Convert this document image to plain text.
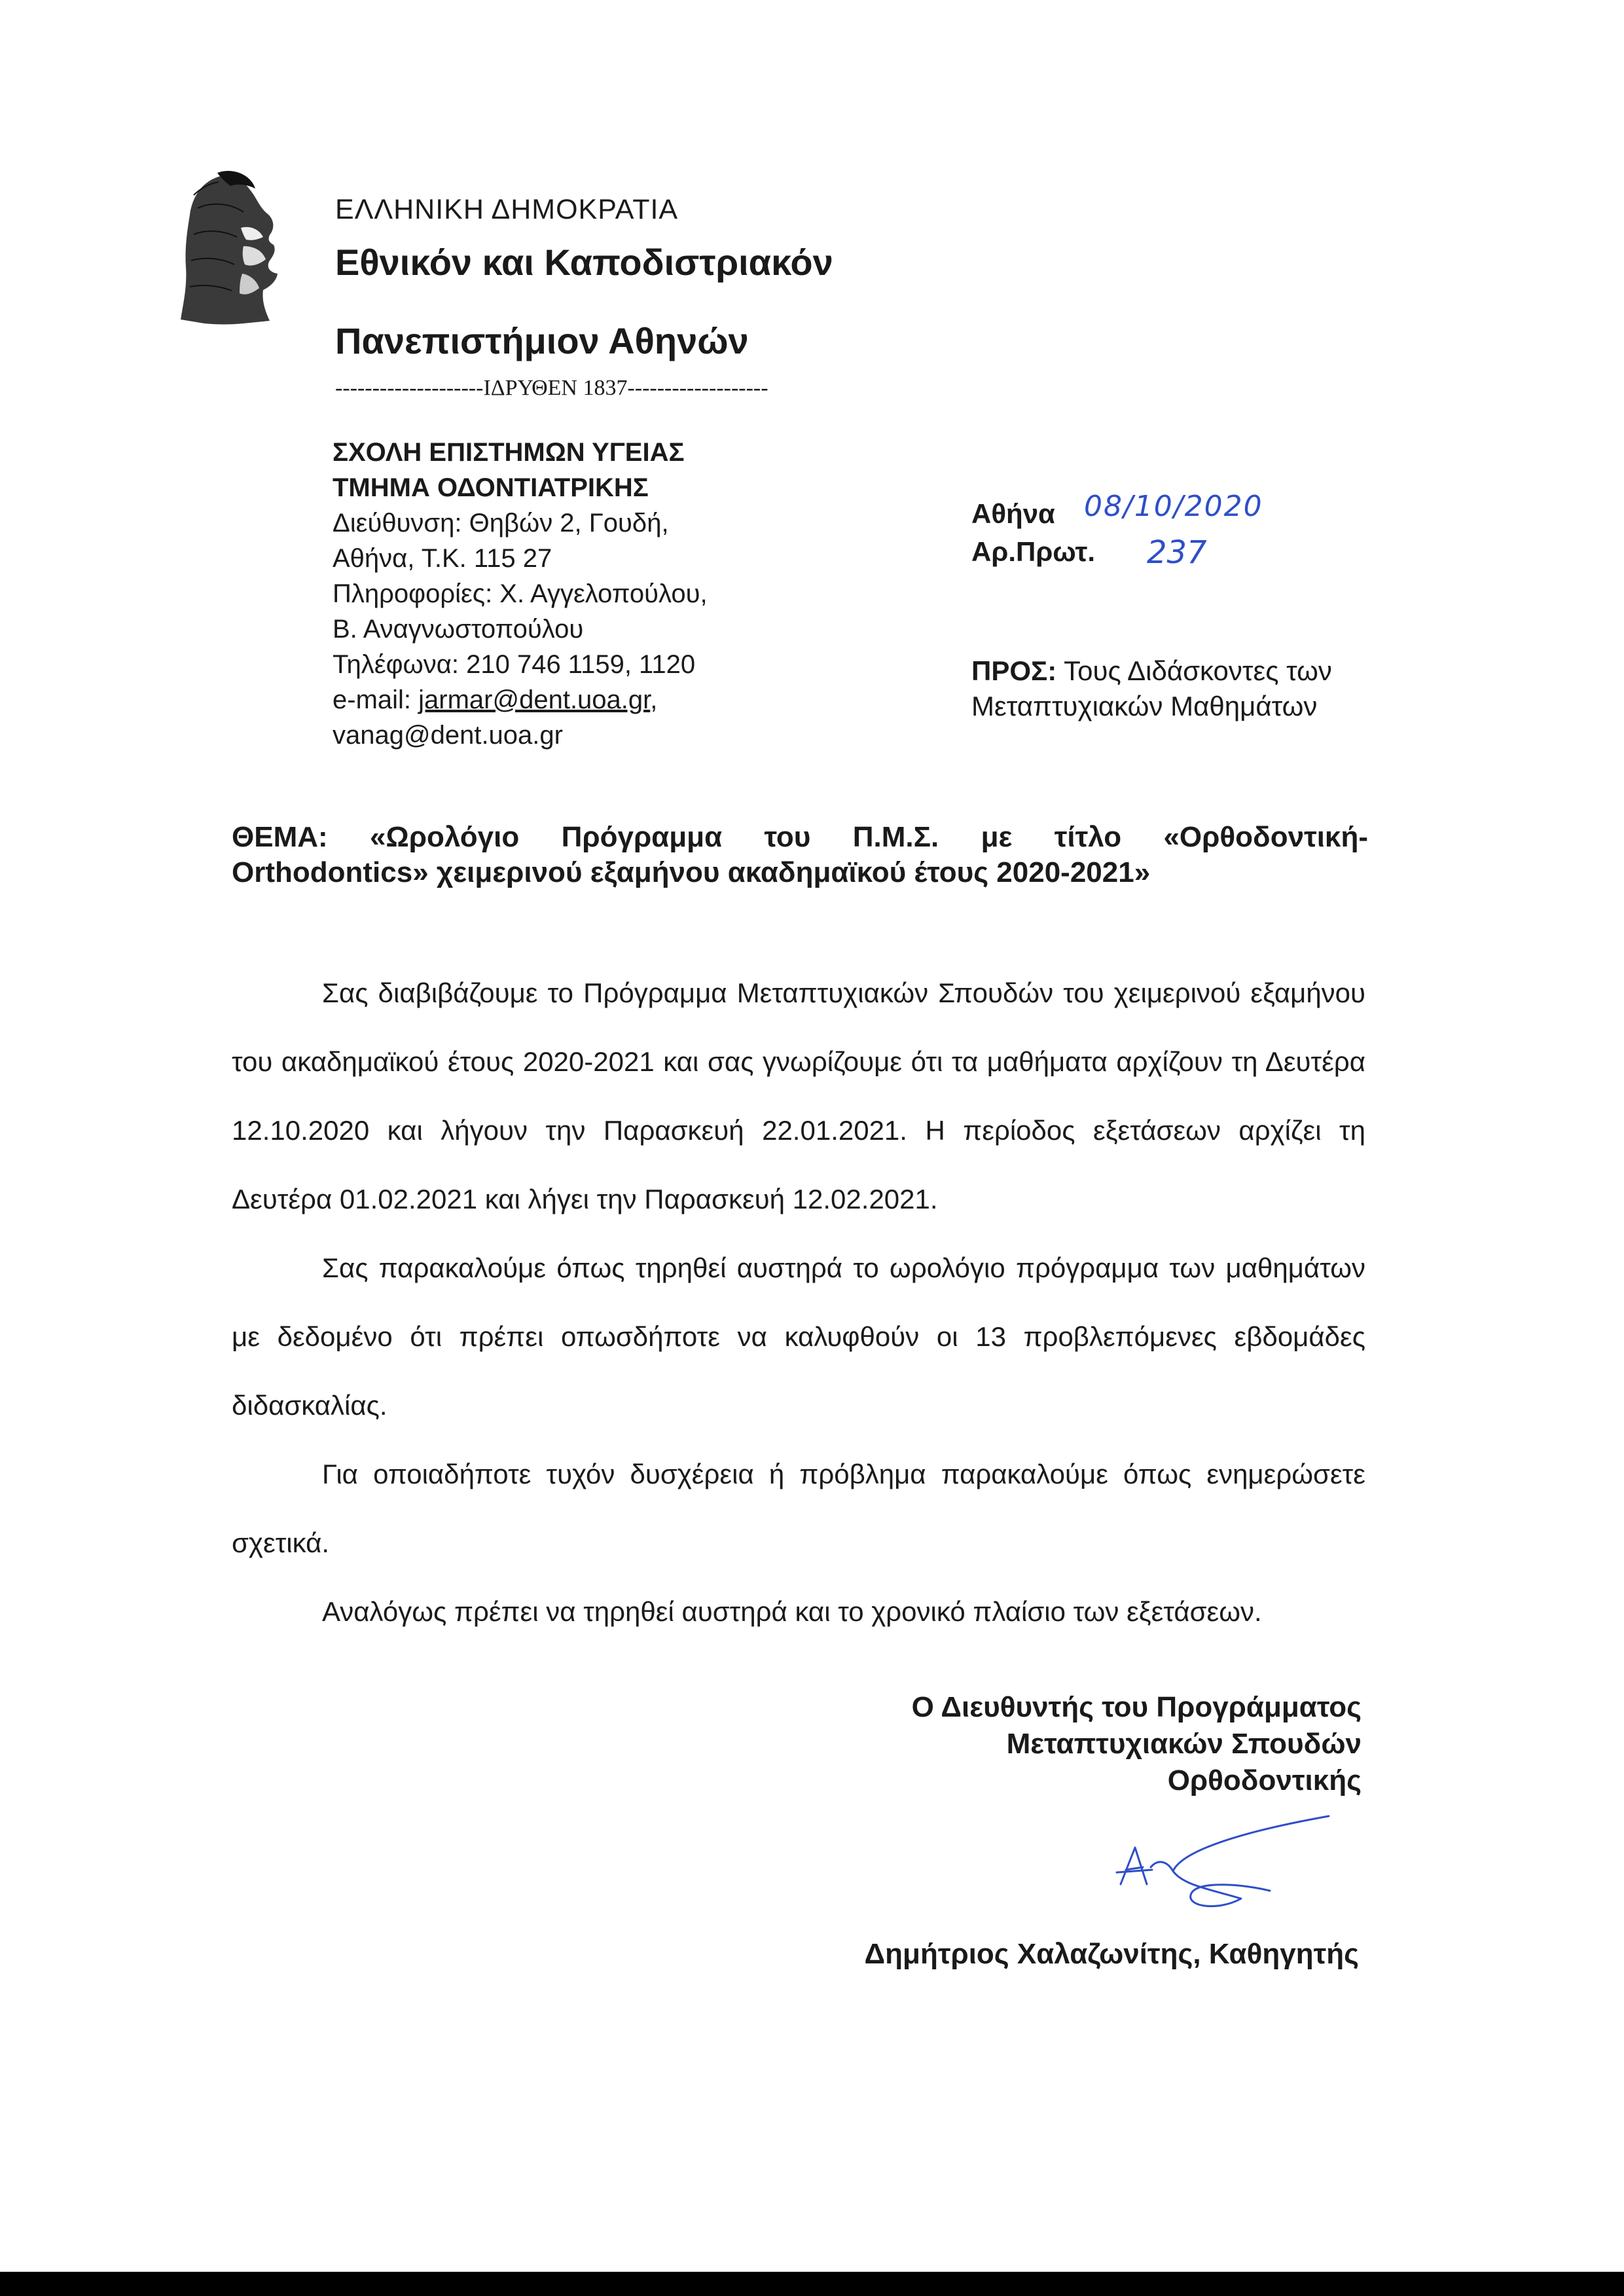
ΕΛΛΗΝΙΚΗ ΔΗΜΟΚΡΑΤΙΑ
Εθνικόν και Καποδιστριακόν
Πανεπιστήμιον Αθηνών
--------------------ΙΔΡΥΘΕΝ 1837-------------------
ΣΧΟΛΗ ΕΠΙΣΤΗΜΩΝ ΥΓΕΙΑΣ
ΤΜΗΜΑ ΟΔΟΝΤΙΑΤΡΙΚΗΣ
Διεύθυνση: Θηβών 2, Γουδή,
Αθήνα, Τ.Κ. 115 27
Πληροφορίες: Χ. Αγγελοπούλου,
Β. Αναγνωστοπούλου
Τηλέφωνα: 210 746 1159, 1120
e-mail: jarmar@dent.uoa.gr,
vanag@dent.uoa.gr
Αθήνα
Αρ.Πρωτ.
08/10/2020
237
ΠΡΟΣ: Τους Διδάσκοντες των
Μεταπτυχιακών Μαθημάτων
ΘΕΜΑ: «Ωρολόγιο Πρόγραμμα του Π.Μ.Σ. με τίτλο «Ορθοδοντική-
Orthodontics» χειμερινού εξαμήνου ακαδημαϊκού έτους 2020-2021»

Σας διαβιβάζουμε το Πρόγραμμα Μεταπτυχιακών Σπουδών του χειμερινού εξαμήνου του ακαδημαϊκού έτους 2020-2021 και σας γνωρίζουμε ότι τα μαθήματα αρχίζουν τη Δευτέρα 12.10.2020 και λήγουν την Παρασκευή 22.01.2021. Η περίοδος εξετάσεων αρχίζει τη Δευτέρα 01.02.2021 και λήγει την Παρασκευή 12.02.2021.

Σας παρακαλούμε όπως τηρηθεί αυστηρά το ωρολόγιο πρόγραμμα των μαθημάτων με δεδομένο ότι πρέπει οπωσδήποτε να καλυφθούν οι 13 προβλεπόμενες εβδομάδες διδασκαλίας.

Για οποιαδήποτε τυχόν δυσχέρεια ή πρόβλημα παρακαλούμε όπως ενημερώσετε σχετικά.

Αναλόγως πρέπει να τηρηθεί αυστηρά και το χρονικό πλαίσιο των εξετάσεων.

Ο Διευθυντής του Προγράμματος
Μεταπτυχιακών Σπουδών
Ορθοδοντικής
Δημήτριος Χαλαζωνίτης, Καθηγητής
